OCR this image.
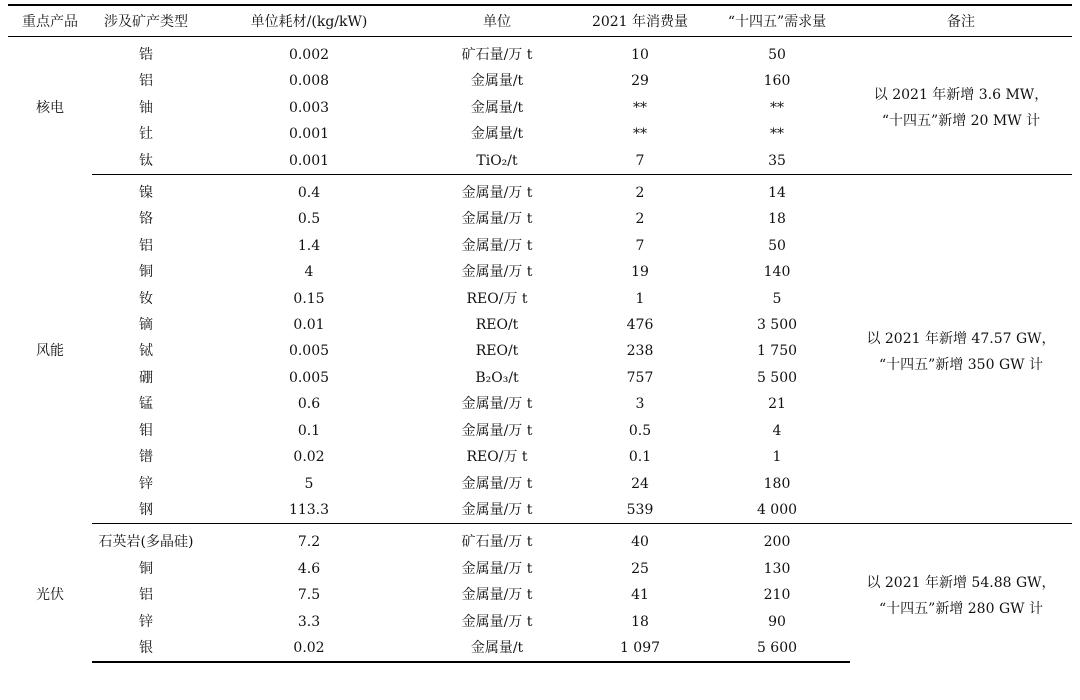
重点产品	涉及矿产类型	单位耗材/(kg/kW)	单位	2021 年消费量	“十四五”需求量	备注
核电	锆	0.002	矿石量/万 t	10	50	以 2021 年新增 3.6 MW，
“十四五”新增 20 MW 计

	铝	0.008	金属量/t	29	160	
	铀	0.003	金属量/t	**	**	
	钍	0.001	金属量/t	**	**	
	钛	0.001	TiO₂/t	7	35	
风能	镍	0.4	金属量/万 t	2	14	以 2021 年新增 47.57 GW，
“十四五”新增 350 GW 计

	铬	0.5	金属量/万 t	2	18	
	铝	1.4	金属量/万 t	7	50	
	铜	4	金属量/万 t	19	140	
	钕	0.15	REO/万 t	1	5	
	镝	0.01	REO/t	476	3 500	
	铽	0.005	REO/t	238	1 750	
	硼	0.005	B₂O₃/t	757	5 500	
	锰	0.6	金属量/万 t	3	21	
	钼	0.1	金属量/万 t	0.5	4	
	镨	0.02	REO/万 t	0.1	1	
	锌	5	金属量/万 t	24	180	
	钢	113.3	金属量/万 t	539	4 000	
光伏	石英岩(多晶硅)	7.2	矿石量/万 t	40	200	以 2021 年新增 54.88 GW，
“十四五”新增 280 GW 计

	铜	4.6	金属量/万 t	25	130	
	铝	7.5	金属量/万 t	41	210	
	锌	3.3	金属量/万 t	18	90	
	银	0.02	金属量/t	1 097	5 600	
